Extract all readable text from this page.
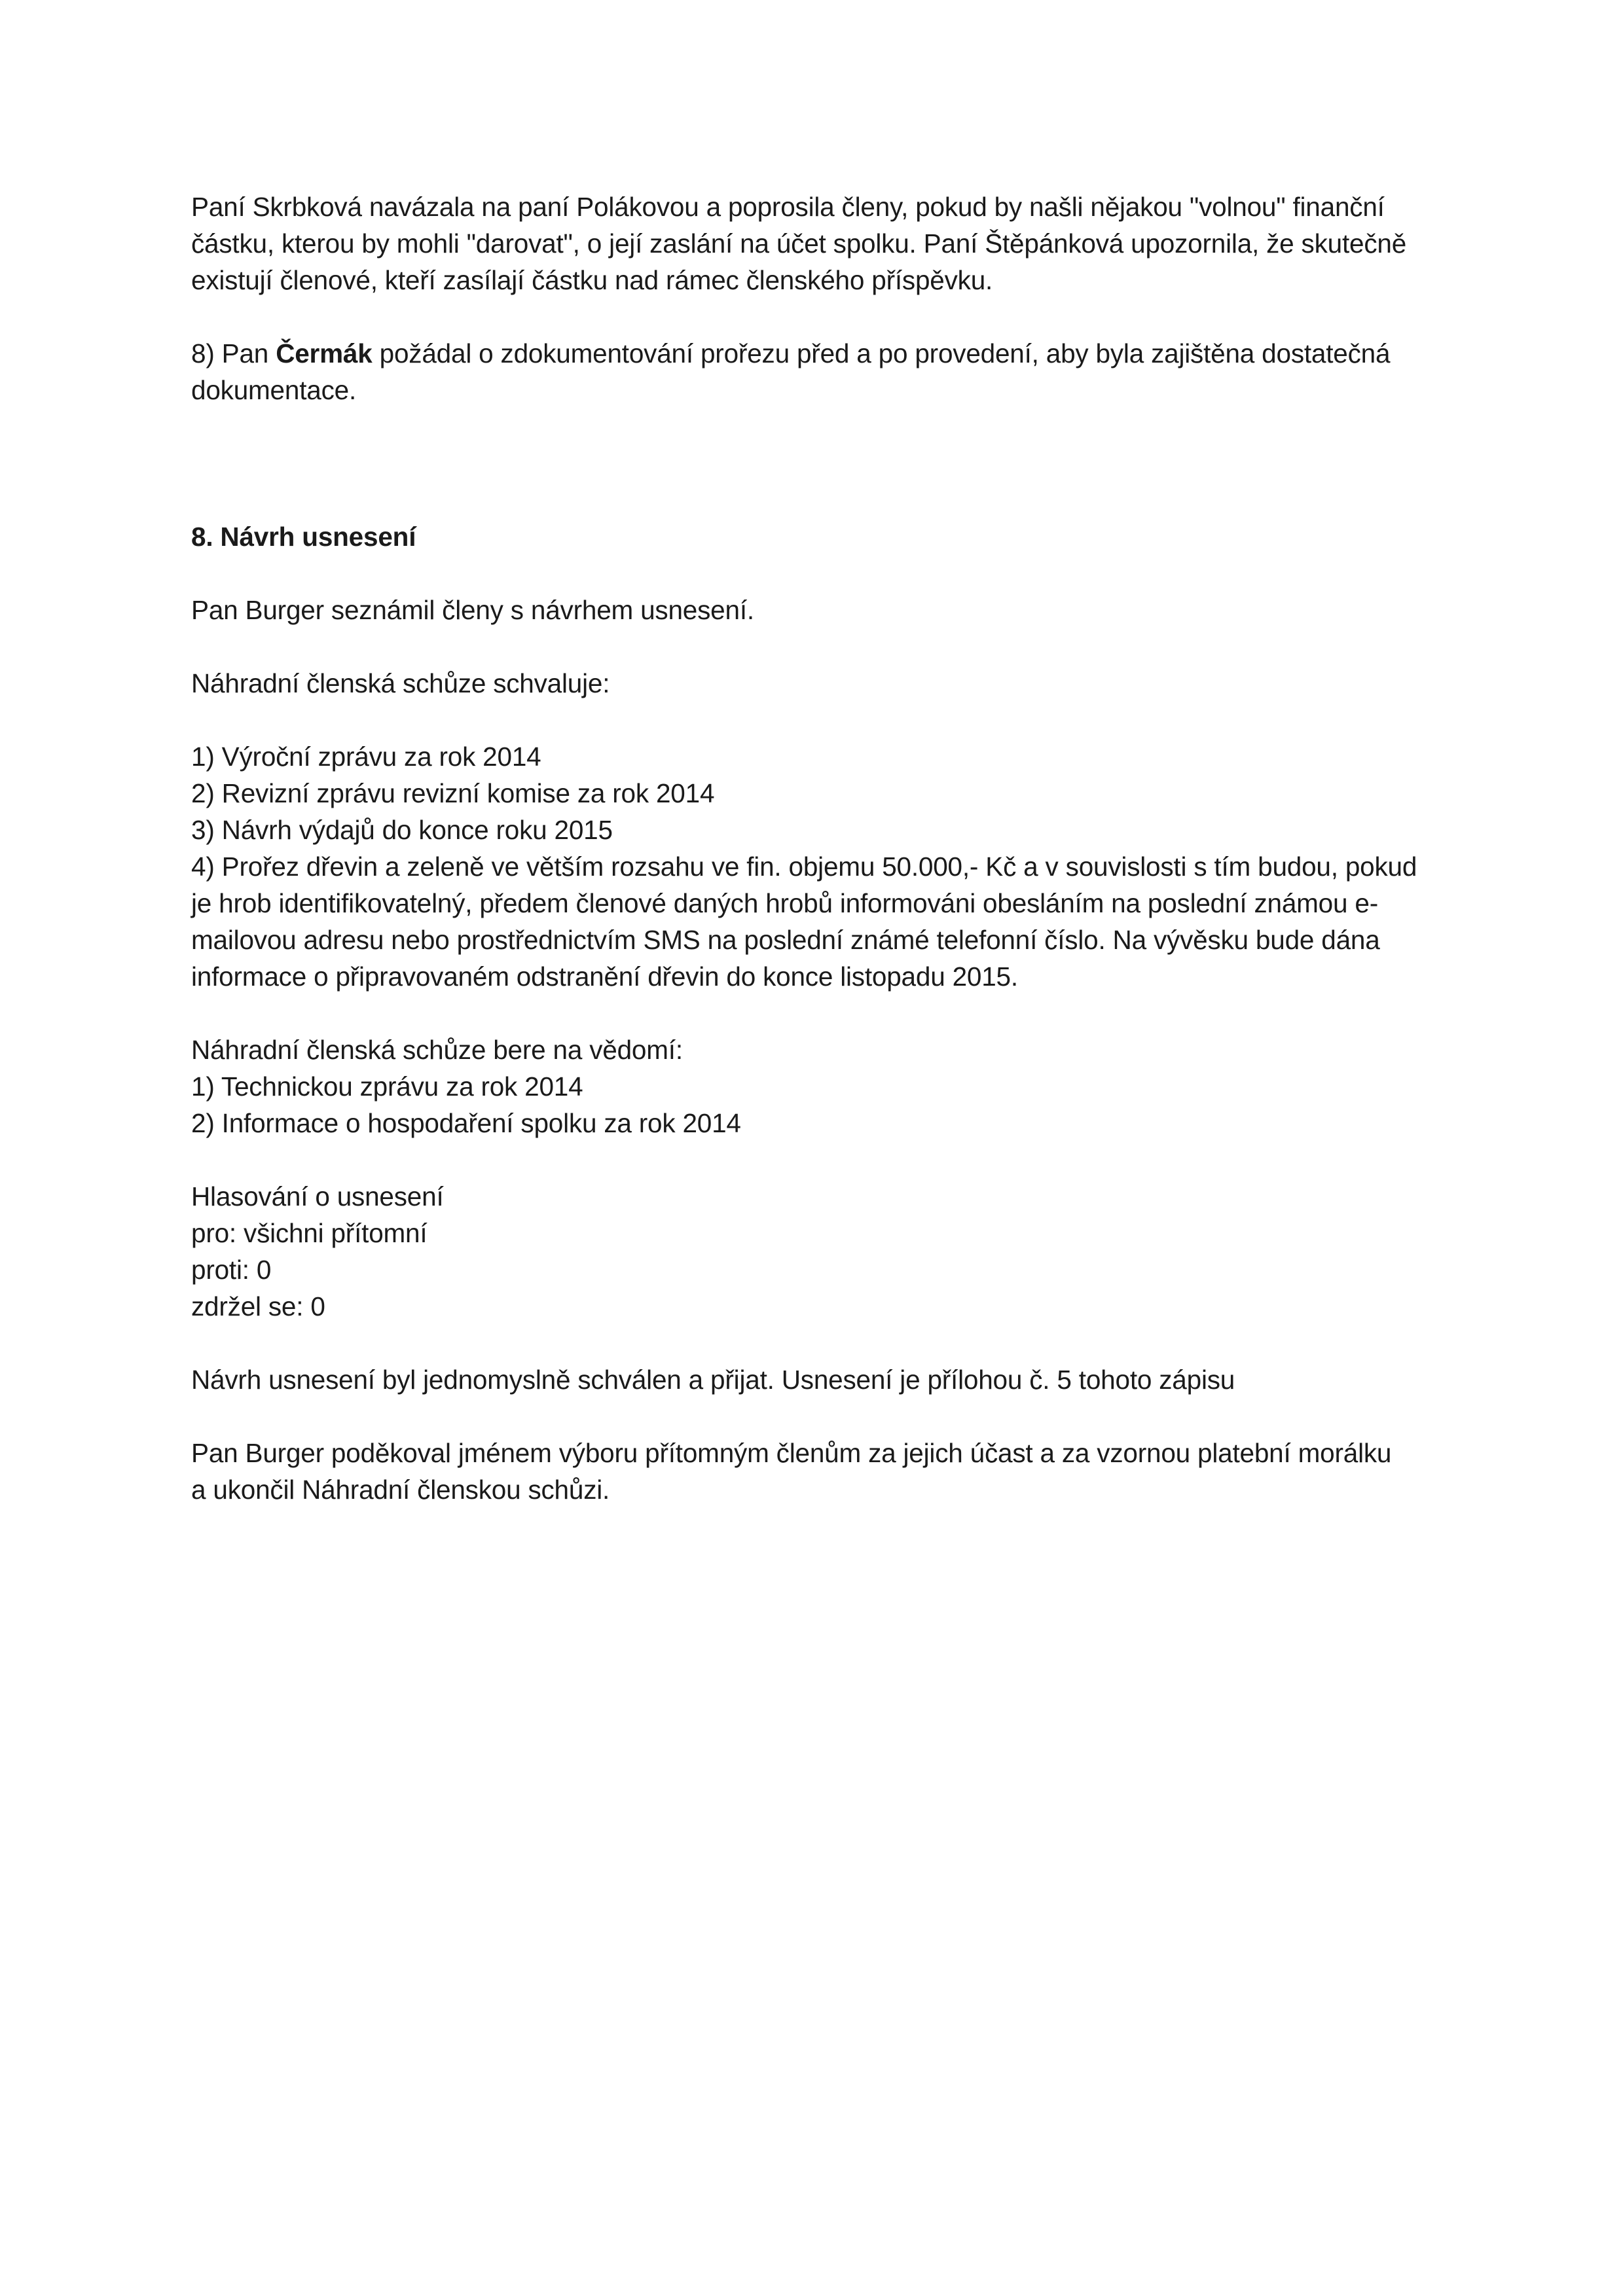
Paní Skrbková navázala na paní Polákovou a poprosila členy, pokud by našli nějakou "volnou" finanční
částku, kterou by mohli "darovat", o její zaslání na účet spolku. Paní Štěpánková upozornila, že skutečně
existují členové, kteří zasílají částku nad rámec členského příspěvku.

8) Pan Čermák požádal o zdokumentování prořezu před a po provedení, aby byla zajištěna dostatečná
dokumentace.

8. Návrh usnesení

Pan Burger seznámil členy s návrhem usnesení.

Náhradní členská schůze schvaluje:

1) Výroční zprávu za rok 2014
2) Revizní zprávu revizní komise za rok 2014
3) Návrh výdajů do konce roku 2015
4) Prořez dřevin a zeleně ve větším rozsahu ve fin. objemu 50.000,- Kč a v souvislosti s tím budou, pokud
je hrob identifikovatelný, předem členové daných hrobů informováni obesláním na poslední známou e-
mailovou adresu nebo prostřednictvím SMS na poslední známé telefonní číslo. Na vývěsku bude dána
informace o připravovaném odstranění dřevin do konce listopadu 2015.

Náhradní členská schůze bere na vědomí:
1) Technickou zprávu za rok 2014
2) Informace o hospodaření spolku za rok 2014

Hlasování o usnesení
pro: všichni přítomní
proti: 0
zdržel se: 0

Návrh usnesení byl jednomyslně schválen a přijat. Usnesení je přílohou č. 5 tohoto zápisu

Pan Burger poděkoval jménem výboru přítomným členům za jejich účast a za vzornou platební morálku
a ukončil Náhradní členskou schůzi.
